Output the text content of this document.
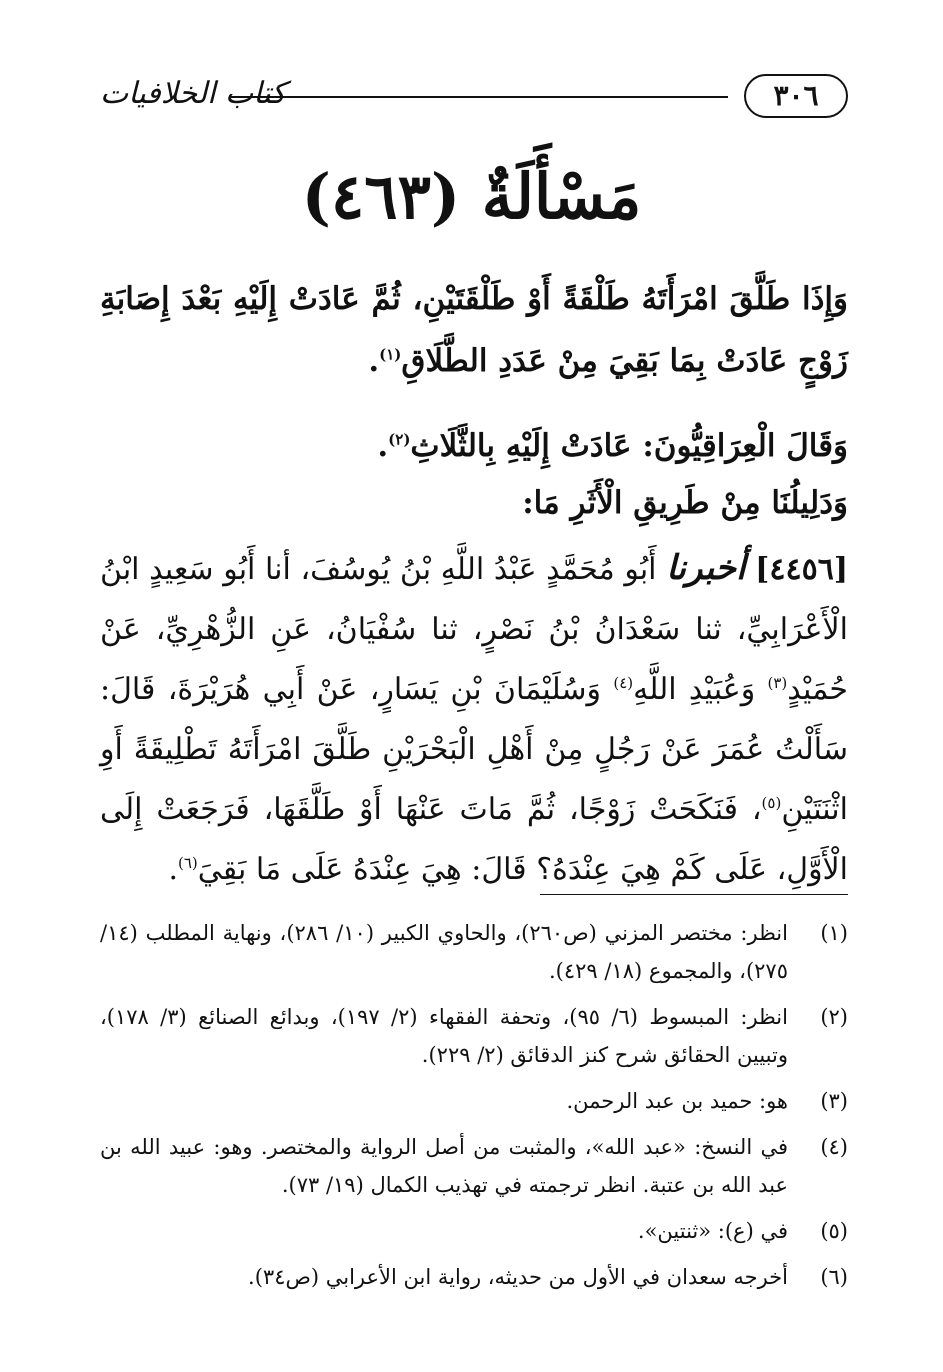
كتاب الخلافيات	٣٠٦
مَسْأَلَةٌ (٤٦٣)
وَإِذَا طَلَّقَ امْرَأَتَهُ طَلْقَةً أَوْ طَلْقَتَيْنِ، ثُمَّ عَادَتْ إِلَيْهِ بَعْدَ إِصَابَةِ زَوْجٍ عَادَتْ بِمَا بَقِيَ مِنْ عَدَدِ الطَّلَاقِ$^{(١)}$.
وَقَالَ الْعِرَاقِيُّونَ: عَادَتْ إِلَيْهِ بِالثَّلَاثِ$^{(٢)}$.
وَدَلِيلُنَا مِنْ طَرِيقِ الْأَثَرِ مَا:
[٤٤٥٦] أخبرنا أَبُو مُحَمَّدٍ عَبْدُ اللَّهِ بْنُ يُوسُفَ، أنا أَبُو سَعِيدٍ ابْنُ الْأَعْرَابِيِّ، ثنا سَعْدَانُ بْنُ نَصْرٍ، ثنا سُفْيَانُ، عَنِ الزُّهْرِيِّ، عَنْ حُمَيْدٍ$^{(٣)}$ وَعُبَيْدِ اللَّهِ$^{(٤)}$ وَسُلَيْمَانَ بْنِ يَسَارٍ، عَنْ أَبِي هُرَيْرَةَ، قَالَ: سَأَلْتُ عُمَرَ عَنْ رَجُلٍ مِنْ أَهْلِ الْبَحْرَيْنِ طَلَّقَ امْرَأَتَهُ تَطْلِيقَةً أَوِ اثْنَتَيْنِ$^{(٥)}$، فَنَكَحَتْ زَوْجًا، ثُمَّ مَاتَ عَنْهَا أَوْ طَلَّقَهَا، فَرَجَعَتْ إِلَى الْأَوَّلِ، عَلَى كَمْ هِيَ عِنْدَهُ؟ قَالَ: هِيَ عِنْدَهُ عَلَى مَا بَقِيَ$^{(٦)}$.
(١)
انظر: مختصر المزني (ص٢٦٠)، والحاوي الكبير (١٠/ ٢٨٦)، ونهاية المطلب (١٤/ ٢٧٥)، والمجموع (١٨/ ٤٢٩).
(٢)
انظر: المبسوط (٦/ ٩٥)، وتحفة الفقهاء (٢/ ١٩٧)، وبدائع الصنائع (٣/ ١٧٨)، وتبيين الحقائق شرح كنز الدقائق (٢/ ٢٢٩).
(٣)
هو: حميد بن عبد الرحمن.
(٤)
في النسخ: «عبد الله»، والمثبت من أصل الرواية والمختصر. وهو: عبيد الله بن عبد الله بن عتبة. انظر ترجمته في تهذيب الكمال (١٩/ ٧٣).
(٥)
في (ع): «ثنتين».
(٦)
أخرجه سعدان في الأول من حديثه، رواية ابن الأعرابي (ص٣٤).
